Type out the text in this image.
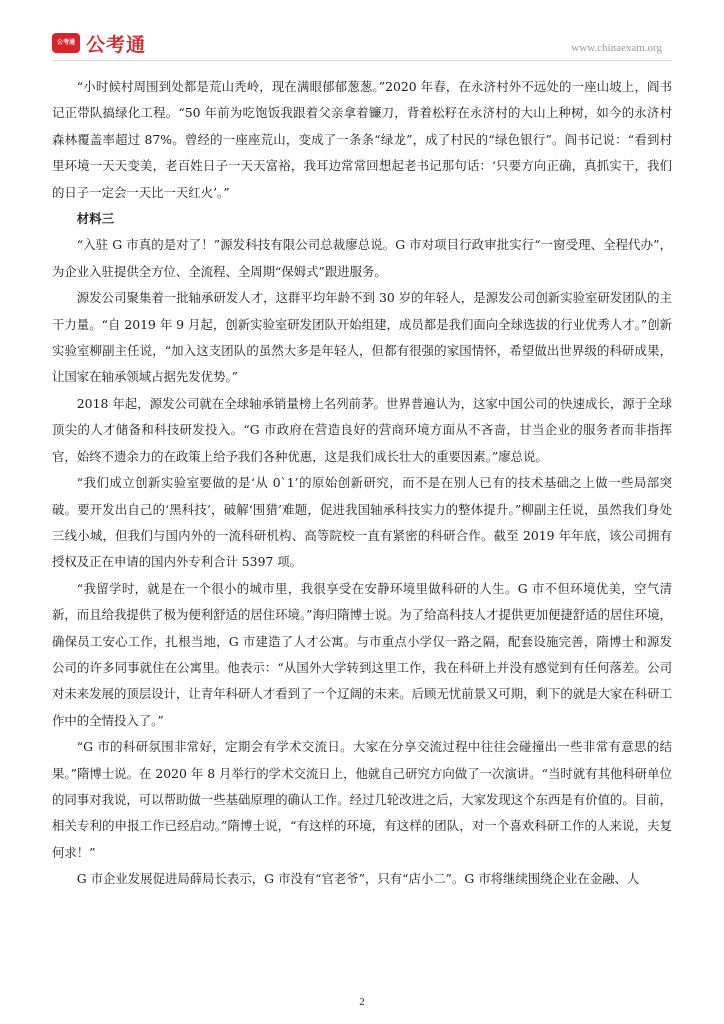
公考通 公考通	www.chinaexam.org

“小时候村周围到处都是荒山秃岭，现在满眼郁郁葱葱。”2020 年春，在永济村外不远处的一座山坡上，阎书记正带队搞绿化工程。“50 年前为吃饱饭我跟着父亲拿着镰刀，背着松籽在永济村的大山上种树，如今的永济村森林覆盖率超过 87%。曾经的一座座荒山，变成了一条条“绿龙”，成了村民的“绿色银行”。阎书记说：“看到村里环境一天天变美，老百姓日子一天天富裕，我耳边常常回想起老书记那句话：‘只要方向正确，真抓实干，我们的日子一定会一天比一天红火’。”

材料三

“入驻 G 市真的是对了！”源发科技有限公司总裁廖总说。G 市对项目行政审批实行“一窗受理、全程代办”，为企业入驻提供全方位、全流程、全周期“保姆式”跟进服务。

源发公司聚集着一批轴承研发人才，这群平均年龄不到 30 岁的年轻人，是源发公司创新实验室研发团队的主干力量。“自 2019 年 9 月起，创新实验室研发团队开始组建，成员都是我们面向全球选拔的行业优秀人才。”创新实验室柳副主任说，“加入这支团队的虽然大多是年轻人，但都有很强的家国情怀，希望做出世界级的科研成果，让国家在轴承领域占据先发优势。”

2018 年起，源发公司就在全球轴承销量榜上名列前茅。世界普遍认为，这家中国公司的快速成长，源于全球顶尖的人才储备和科技研发投入。“G 市政府在营造良好的营商环境方面从不吝啬，甘当企业的服务者而非指挥官，始终不遗余力的在政策上给予我们各种优惠，这是我们成长壮大的重要因素。”廖总说。

“我们成立创新实验室要做的是‘从 0`1’的原始创新研究，而不是在别人已有的技术基础之上做一些局部突破。要开发出自己的‘黑科技’，破解‘围猎’难题，促进我国轴承科技实力的整体提升。”柳副主任说，虽然我们身处三线小城，但我们与国内外的一流科研机构、高等院校一直有紧密的科研合作。截至 2019 年年底，该公司拥有授权及正在申请的国内外专利合计 5397 项。

“我留学时，就是在一个很小的城市里，我很享受在安静环境里做科研的人生。G 市不但环境优美，空气清新，而且给我提供了极为便利舒适的居住环境。”海归隋博士说。为了给高科技人才提供更加便捷舒适的居住环境，确保员工安心工作，扎根当地，G 市建造了人才公寓。与市重点小学仅一路之隔，配套设施完善，隋博士和源发公司的许多同事就住在公寓里。他表示：“从国外大学转到这里工作，我在科研上并没有感觉到有任何落差。公司对未来发展的顶层设计，让青年科研人才看到了一个辽阔的未来。后顾无忧前景又可期，剩下的就是大家在科研工作中的全情投入了。”

“G 市的科研氛围非常好，定期会有学术交流日。大家在分享交流过程中往往会碰撞出一些非常有意思的结果。”隋博士说。在 2020 年 8 月举行的学术交流日上，他就自己研究方向做了一次演讲。“当时就有其他科研单位的同事对我说，可以帮助做一些基础原理的确认工作。经过几轮改进之后，大家发现这个东西是有价值的。目前，相关专利的申报工作已经启动。”隋博士说，“有这样的环境，有这样的团队，对一个喜欢科研工作的人来说，夫复何求！”

G 市企业发展促进局薛局长表示，G 市没有“官老爷”，只有“店小二”。G 市将继续围绕企业在金融、人

2
